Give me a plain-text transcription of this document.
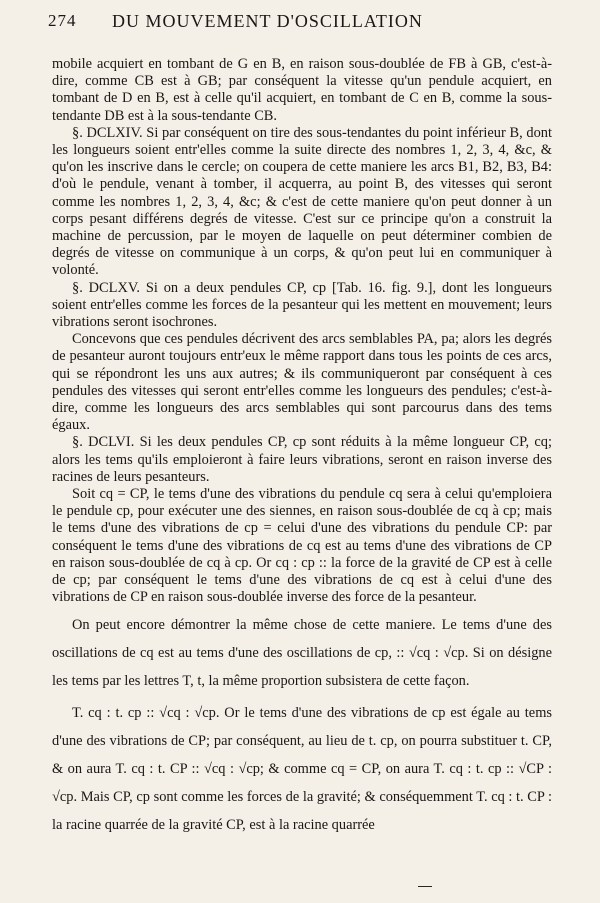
274 DU MOUVEMENT D'OSCILLATION

mobile acquiert en tombant de G en B, en raison sous-doublée de FB à GB, c'est-à-dire, comme CB est à GB; par conséquent la vitesse qu'un pendule acquiert, en tombant de D en B, est à celle qu'il acquiert, en tombant de C en B, comme la sous-tendante DB est à la sous-tendante CB.

§. DCLXIV. Si par conséquent on tire des sous-tendantes du point inférieur B, dont les longueurs soient entr'elles comme la suite directe des nombres 1, 2, 3, 4, &c, & qu'on les inscrive dans le cercle; on coupera de cette maniere les arcs B1, B2, B3, B4: d'où le pendule, venant à tomber, il acquerra, au point B, des vitesses qui seront comme les nombres 1, 2, 3, 4, &c; & c'est de cette maniere qu'on peut donner à un corps pesant différens degrés de vitesse. C'est sur ce principe qu'on a construit la machine de percussion, par le moyen de laquelle on peut déterminer combien de degrés de vitesse on communique à un corps, & qu'on peut lui en communiquer à volonté.

§. DCLXV. Si on a deux pendules CP, cp [Tab. 16. fig. 9.], dont les longueurs soient entr'elles comme les forces de la pesanteur qui les mettent en mouvement; leurs vibrations seront isochrones.

Concevons que ces pendules décrivent des arcs semblables PA, pa; alors les degrés de pesanteur auront toujours entr'eux le même rapport dans tous les points de ces arcs, qui se répondront les uns aux autres; & ils communiqueront par conséquent à ces pendules des vitesses qui seront entr'elles comme les longueurs des pendules; c'est-à-dire, comme les longueurs des arcs semblables qui sont parcourus dans des tems égaux.

§. DCLVI. Si les deux pendules CP, cp sont réduits à la même longueur CP, cq; alors les tems qu'ils emploieront à faire leurs vibrations, seront en raison inverse des racines de leurs pesanteurs.

Soit cq = CP, le tems d'une des vibrations du pendule cq sera à celui qu'emploiera le pendule cp, pour exécuter une des siennes, en raison sous-doublée de cq à cp; mais le tems d'une des vibrations de cp = celui d'une des vibrations du pendule CP: par conséquent le tems d'une des vibrations de cq est au tems d'une des vibrations de CP en raison sous-doublée de cq à cp. Or cq : cp :: la force de la gravité de CP est à celle de cp; par conséquent le tems d'une des vibrations de cq est à celui d'une des vibrations de CP en raison sous-doublée inverse des force de la pesanteur.

On peut encore démontrer la même chose de cette maniere. Le tems d'une des oscillations de cq est au tems d'une des oscillations de cp, :: √cq : √cp. Si on désigne les tems par les lettres T, t, la même proportion subsistera de cette façon.

T. cq : t. cp :: √cq : √cp. Or le tems d'une des vibrations de cp est égale au tems d'une des vibrations de CP; par conséquent, au lieu de t. cp, on pourra substituer t. CP, & on aura T. cq : t. CP :: √cq : √cp; & comme cq = CP, on aura T. cq : t. cp :: √CP : √cp. Mais CP, cp sont comme les forces de la gravité; & conséquemment T. cq : t. CP : la racine quarrée de la gravité CP, est à la racine quarrée
